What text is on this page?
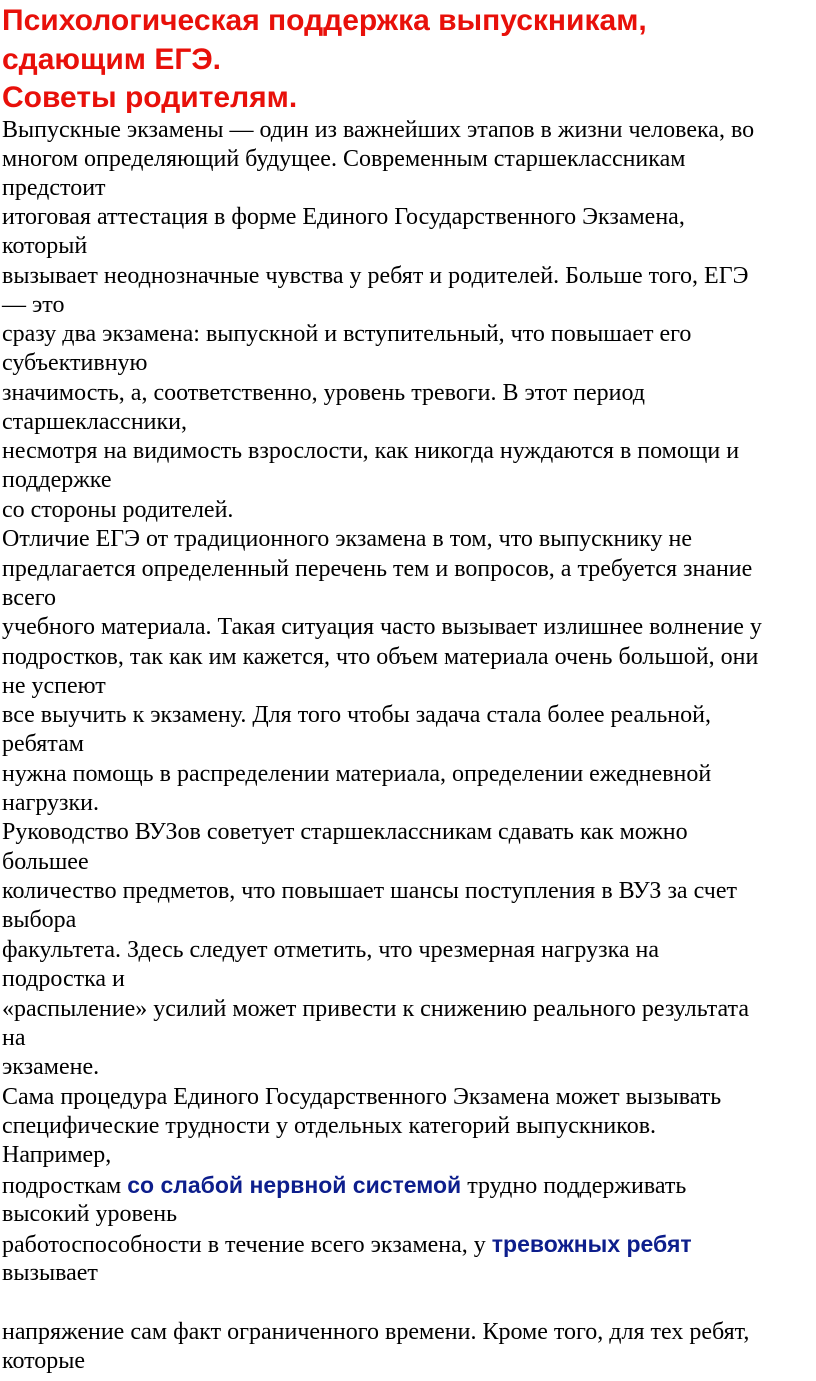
Психологическая поддержка выпускникам,
сдающим ЕГЭ.
Советы родителям.

Выпускные экзамены — один из важнейших этапов в жизни человека, во

многом определяющий будущее. Современным старшеклассникам

предстоит

итоговая аттестация в форме Единого Государственного Экзамена,

который

вызывает неоднозначные чувства у ребят и родителей. Больше того, ЕГЭ

— это

сразу два экзамена: выпускной и вступительный, что повышает его

субъективную

значимость, а, соответственно, уровень тревоги. В этот период

старшеклассники,

несмотря на видимость взрослости, как никогда нуждаются в помощи и

поддержке

со стороны родителей.

Отличие ЕГЭ от традиционного экзамена в том, что выпускнику не

предлагается определенный перечень тем и вопросов, а требуется знание

всего

учебного материала. Такая ситуация часто вызывает излишнее волнение у

подростков, так как им кажется, что объем материала очень большой, они

не успеют

все выучить к экзамену. Для того чтобы задача стала более реальной,

ребятам

нужна помощь в распределении материала, определении ежедневной

нагрузки.

Руководство ВУЗов советует старшеклассникам сдавать как можно

большее

количество предметов, что повышает шансы поступления в ВУЗ за счет

выбора

факультета. Здесь следует отметить, что чрезмерная нагрузка на

подростка и

«распыление» усилий может привести к снижению реального результата

на

экзамене.

Сама процедура Единого Государственного Экзамена может вызывать

специфические трудности у отдельных категорий выпускников.

Например,

подросткам со слабой нервной системой трудно поддерживать

высокий уровень

работоспособности в течение всего экзамена, у тревожных ребят

вызывает

напряжение сам факт ограниченного времени. Кроме того, для тех ребят,

которые
